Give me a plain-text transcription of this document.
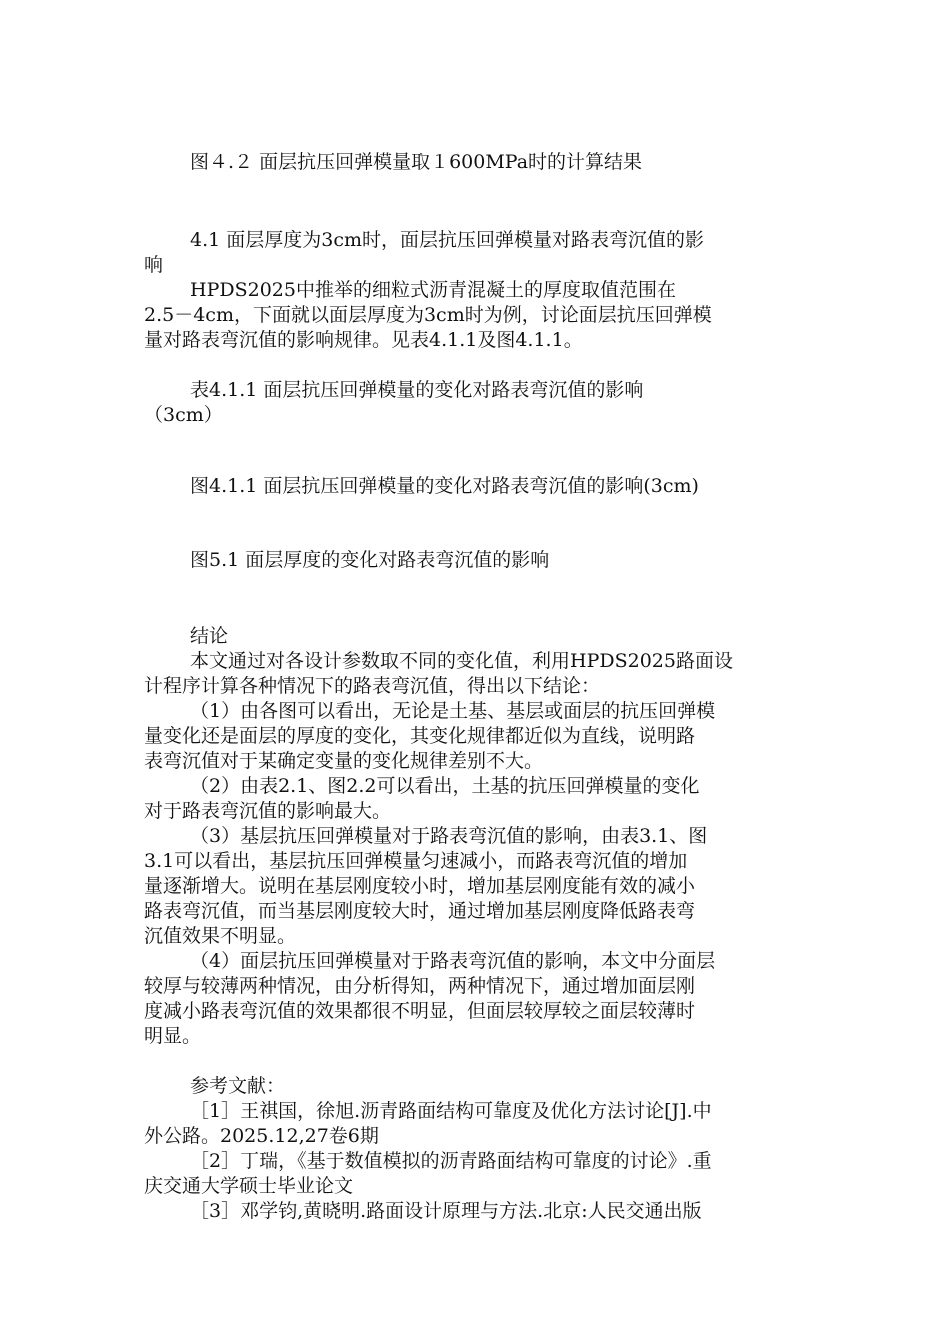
图４.２ 面层抗压回弹模量取１600MPa时的计算结果
4.1 面层厚度为3cm时，面层抗压回弹模量对路表弯沉值的影
响
HPDS2025中推举的细粒式沥青混凝土的厚度取值范围在
2.5－4cm，下面就以面层厚度为3cm时为例，讨论面层抗压回弹模
量对路表弯沉值的影响规律。见表4.1.1及图4.1.1。
表4.1.1 面层抗压回弹模量的变化对路表弯沉值的影响
（3cm）
图4.1.1 面层抗压回弹模量的变化对路表弯沉值的影响(3cm)
图5.1 面层厚度的变化对路表弯沉值的影响
结论
本文通过对各设计参数取不同的变化值，利用HPDS2025路面设
计程序计算各种情况下的路表弯沉值，得出以下结论：
（1）由各图可以看出，无论是土基、基层或面层的抗压回弹模
量变化还是面层的厚度的变化，其变化规律都近似为直线，说明路
表弯沉值对于某确定变量的变化规律差别不大。
（2）由表2.1、图2.2可以看出，土基的抗压回弹模量的变化
对于路表弯沉值的影响最大。
（3）基层抗压回弹模量对于路表弯沉值的影响，由表3.1、图
3.1可以看出，基层抗压回弹模量匀速减小，而路表弯沉值的增加
量逐渐增大。说明在基层刚度较小时，增加基层刚度能有效的减小
路表弯沉值，而当基层刚度较大时，通过增加基层刚度降低路表弯
沉值效果不明显。
（4）面层抗压回弹模量对于路表弯沉值的影响，本文中分面层
较厚与较薄两种情况，由分析得知，两种情况下，通过增加面层刚
度减小路表弯沉值的效果都很不明显，但面层较厚较之面层较薄时
明显。
参考文献：
［1］王祺国，徐旭.沥青路面结构可靠度及优化方法讨论[J].中
外公路。2025.12,27卷6期
［2］丁瑞，《基于数值模拟的沥青路面结构可靠度的讨论》.重
庆交通大学硕士毕业论文
［3］邓学钧,黄晓明.路面设计原理与方法.北京:人民交通出版
